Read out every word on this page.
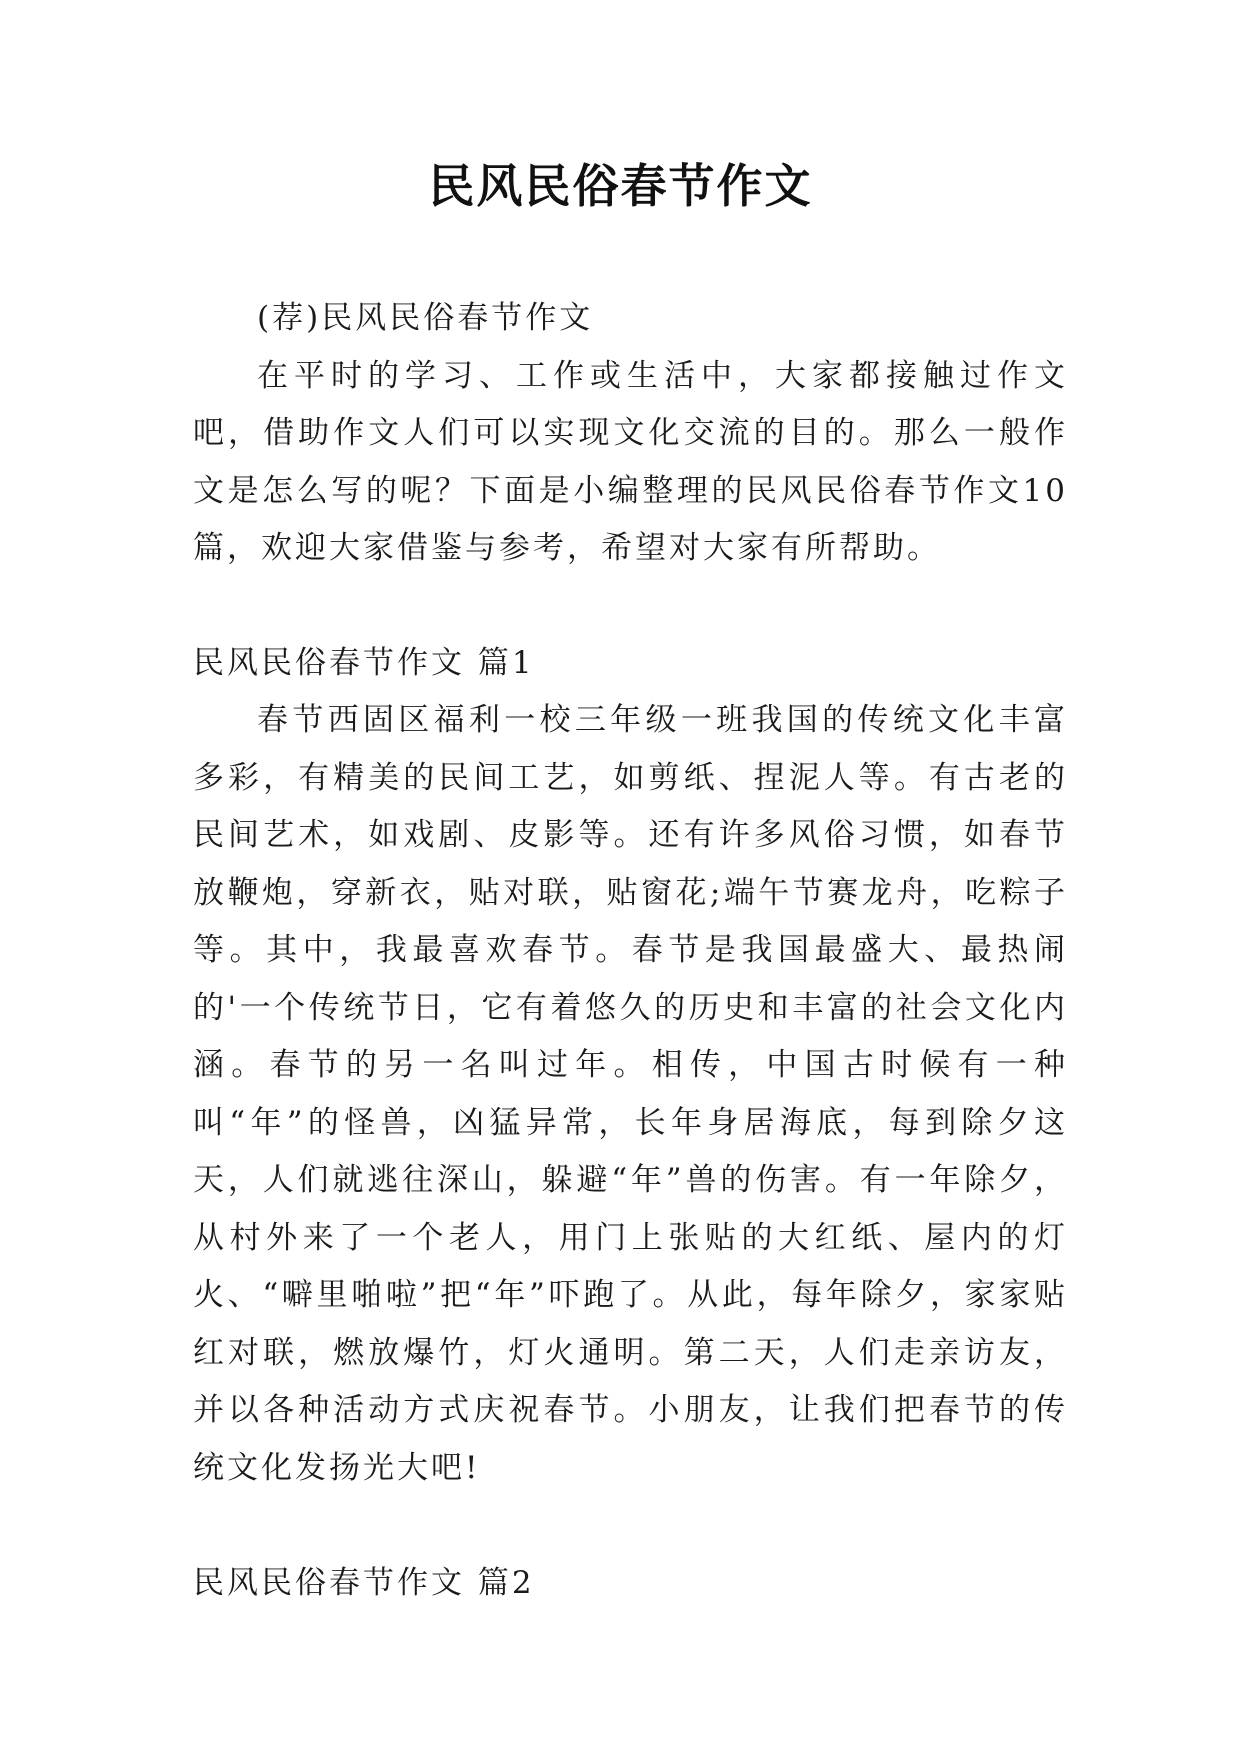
民风民俗春节作文

(荐)民风民俗春节作文

在平时的学习、工作或生活中，大家都接触过作文吧，借助作文人们可以实现文化交流的目的。那么一般作文是怎么写的呢？下面是小编整理的民风民俗春节作文10篇，欢迎大家借鉴与参考，希望对大家有所帮助。

民风民俗春节作文 篇1

春节西固区福利一校三年级一班我国的传统文化丰富多彩，有精美的民间工艺，如剪纸、捏泥人等。有古老的民间艺术，如戏剧、皮影等。还有许多风俗习惯，如春节放鞭炮，穿新衣，贴对联，贴窗花;端午节赛龙舟，吃粽子等。其中，我最喜欢春节。春节是我国最盛大、最热闹的'一个传统节日，它有着悠久的历史和丰富的社会文化内涵。春节的另一名叫过年。相传，中国古时候有一种叫“年”的怪兽，凶猛异常，长年身居海底，每到除夕这天，人们就逃往深山，躲避“年”兽的伤害。有一年除夕，从村外来了一个老人，用门上张贴的大红纸、屋内的灯火、“噼里啪啦”把“年”吓跑了。从此，每年除夕，家家贴红对联，燃放爆竹，灯火通明。第二天，人们走亲访友，并以各种活动方式庆祝春节。小朋友，让我们把春节的传统文化发扬光大吧!

民风民俗春节作文 篇2
